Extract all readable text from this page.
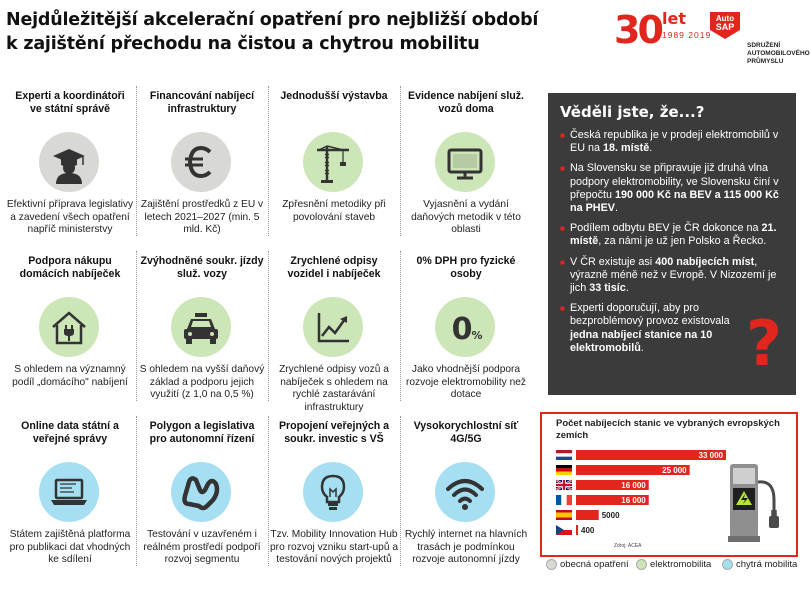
Nejdůležitější akcelerační opatření pro nejbližší období
k zajištění přechodu na čistou a chytrou mobilitu	30 let
1989 2019
Auto
SAP
SDRUŽENÍ
AUTOMOBILOVÉHO
PRŮMYSLU
Experti a koordinátoři ve státní správě
Efektivní příprava legislativy a zavedení všech opatření napříč ministerstvy
Financování nabíjecí infrastruktury
Zajištění prostředků z EU v letech 2021–2027 (min. 5 mld. Kč)
Jednodušší výstavba
Zpřesnění metodiky při povolování staveb
Evidence nabíjení služ. vozů doma
Vyjasnění a vydání daňových metodik v této oblasti
Podpora nákupu domácích nabíječek
S ohledem na významný podíl „domácího" nabíjení
Zvýhodněné soukr. jízdy služ. vozy
S ohledem na vyšší daňový základ a podporu jejich využití (z 1,0 na 0,5 %)
Zrychlené odpisy vozidel i nabíječek
Zrychlené odpisy vozů a nabíječek s ohledem na rychlé zastarávání infrastruktury
0% DPH pro fyzické osoby
0 %
Jako vhodnější podpora rozvoje elektromobility než dotace
Online data státní a veřejné správy
Státem zajištěná platforma pro publikaci dat vhodných ke sdílení
Polygon a legislativa pro autonomní řízení
Testování v uzavřeném i reálném prostředí podpoří rozvoj segmentu
Propojení veřejných a soukr. investic s VŠ
Tzv. Mobility Innovation Hub pro rozvoj vzniku start-upů a testování nových projektů
Vysokorychlostní síť 4G/5G
Rychlý internet na hlavních trasách je podmínkou rozvoje autonomní jízdy
Věděli jste, že...?
■ Česká republika je v prodeji elektromobilů v EU na 18. místě.
■ Na Slovensku se připravuje již druhá vlna podpory elektromobility, ve Slovensku činí v přepočtu 190 000 Kč na BEV a 115 000 Kč na PHEV.
■ Podílem odbytu BEV je ČR dokonce na 21. místě, za námi je už jen Polsko a Řecko.
■ V ČR existuje asi 400 nabíjecích míst, výrazně méně než v Evropě. V Nizozemí je jich 33 tisíc.
■ Experti doporučují, aby pro bezproblémový provoz existovala jedna nabíjecí stanice na 10 elektromobilů.	?
Počet nabíjecích stanic ve vybraných evropských zemích
33 000
25 000
16 000
16 000
5000
400
Zdroj: ACEA
obecná opatření	elektromobilita	chytrá mobilita
